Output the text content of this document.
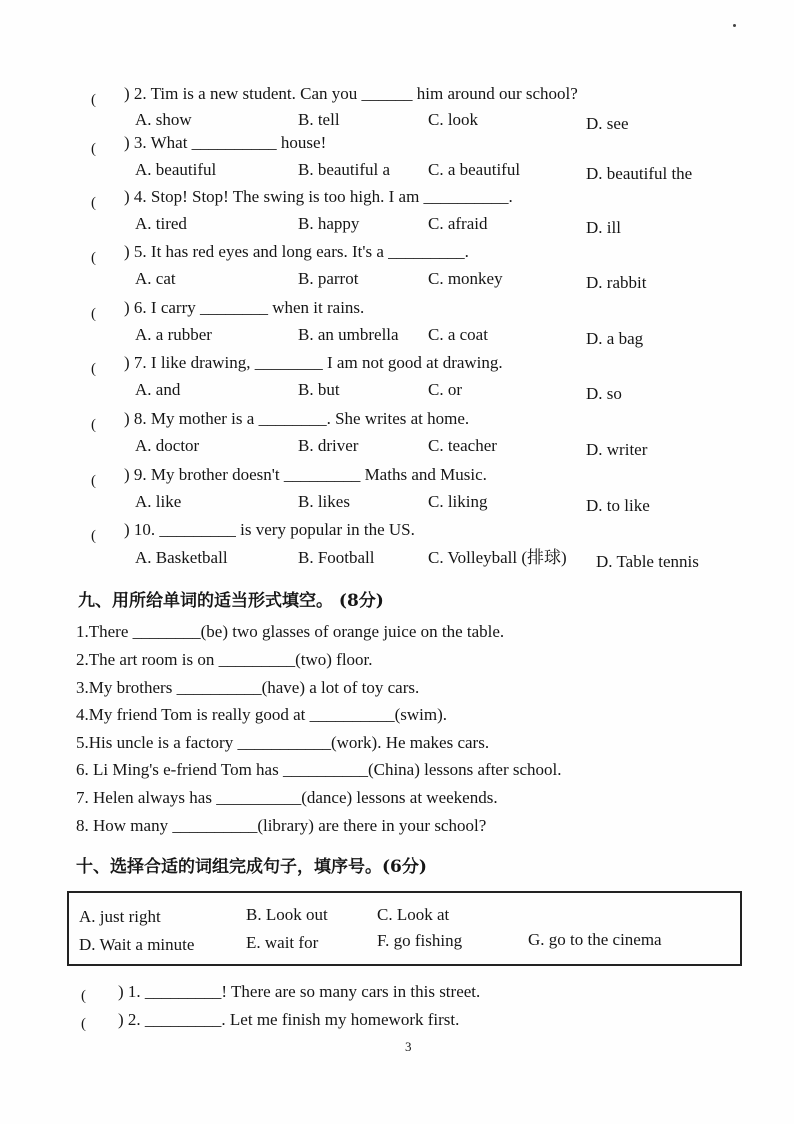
( ) 2. Tim is a new student. Can you ______ him around our school?
A. show	B. tell	C. look	D. see
( ) 3. What __________ house!
A. beautiful	B. beautiful a C. a beautiful	D. beautiful the
( ) 4. Stop! Stop! The swing is too high. I am __________.
A. tired	B. happy	C. afraid	D. ill
( ) 5. It has red eyes and long ears. It's a _________.
A. cat	B. parrot	C. monkey	D. rabbit
( ) 6. I carry ________ when it rains.
A. a rubber	B. an umbrella C. a coat	D. a bag
( ) 7. I like drawing, ________ I am not good at drawing.
A. and	B. but	C. or	D. so
( ) 8. My mother is a ________. She writes at home.
A. doctor	B. driver	C. teacher	D. writer
( ) 9. My brother doesn't _________ Maths and Music.
A. like	B. likes	C. liking	D. to like
( ) 10. _________ is very popular in the US.
A. Basketball	B. Football	C. Volleyball (排球) D. Table tennis
九、用所给单词的适当形式填空。 (8分)
1.There ________(be) two glasses of orange juice on the table.
2.The art room is on _________(two) floor.
3.My brothers __________(have) a lot of toy cars.
4.My friend Tom is really good at __________(swim).
5.His uncle is a factory ___________(work). He makes cars.
6. Li Ming's e-friend Tom has __________(China) lessons after school.
7. Helen always has __________(dance) lessons at weekends.
8. How many __________(library) are there in your school?
十、选择合适的词组完成句子，填序号。(6分)
A. just right	B. Look out	C. Look at
D. Wait a minute	E. wait for	F. go fishing	G. go to the cinema
( ) 1. _________! There are so many cars in this street.
( ) 2. _________. Let me finish my homework first.
3
